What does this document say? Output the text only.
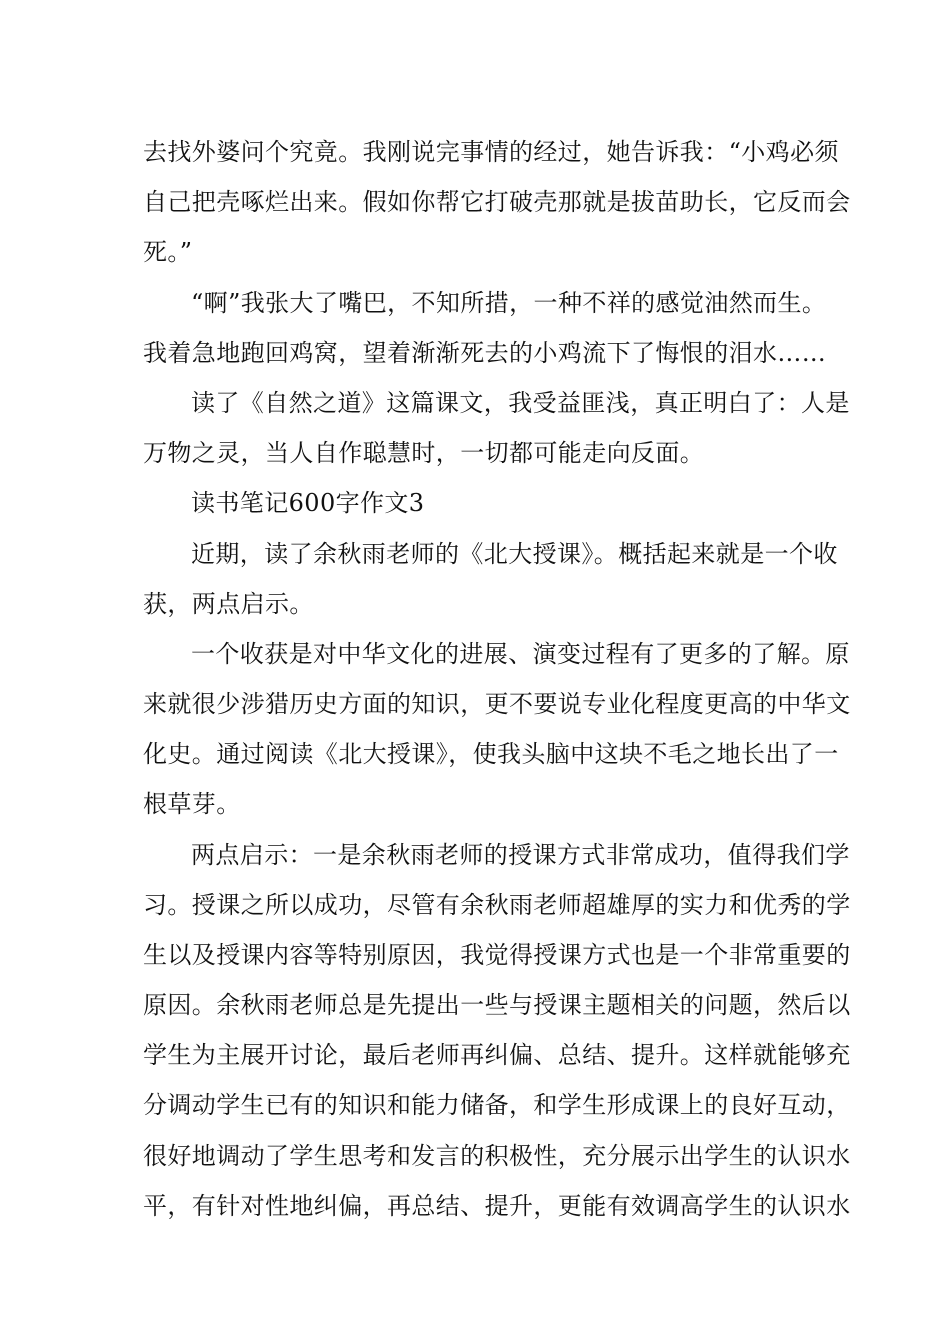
去找外婆问个究竟。我刚说完事情的经过，她告诉我：“小鸡必须
自己把壳啄烂出来。假如你帮它打破壳那就是拔苗助长，它反而会
死。”
“啊”我张大了嘴巴，不知所措，一种不祥的感觉油然而生。
我着急地跑回鸡窝，望着渐渐死去的小鸡流下了悔恨的泪水……
读了《自然之道》这篇课文，我受益匪浅，真正明白了：人是
万物之灵，当人自作聪慧时，一切都可能走向反面。
读书笔记600字作文3
近期，读了余秋雨老师的《北大授课》。概括起来就是一个收
获，两点启示。
一个收获是对中华文化的进展、演变过程有了更多的了解。原
来就很少涉猎历史方面的知识，更不要说专业化程度更高的中华文
化史。通过阅读《北大授课》，使我头脑中这块不毛之地长出了一
根草芽。
两点启示：一是余秋雨老师的授课方式非常成功，值得我们学
习。授课之所以成功，尽管有余秋雨老师超雄厚的实力和优秀的学
生以及授课内容等特别原因，我觉得授课方式也是一个非常重要的
原因。余秋雨老师总是先提出一些与授课主题相关的问题，然后以
学生为主展开讨论，最后老师再纠偏、总结、提升。这样就能够充
分调动学生已有的知识和能力储备，和学生形成课上的良好互动，
很好地调动了学生思考和发言的积极性，充分展示出学生的认识水
平，有针对性地纠偏，再总结、提升，更能有效调高学生的认识水
